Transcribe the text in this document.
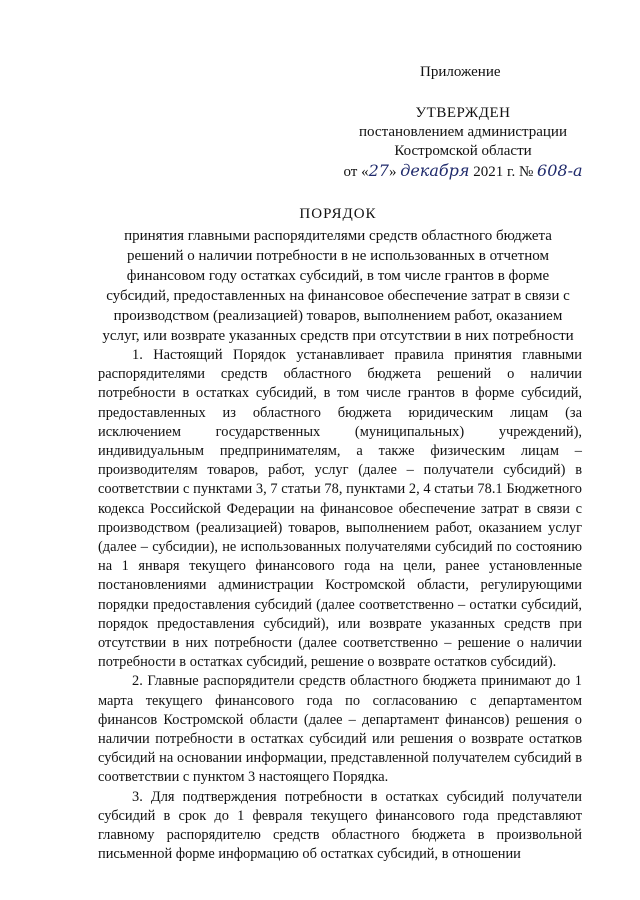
Приложение
УТВЕРЖДЕН
постановлением администрации
Костромской области
от «27» декабря 2021 г. № 608-а
ПОРЯДОК
принятия главными распорядителями средств областного бюджета
решений о наличии потребности в не использованных в отчетном
финансовом году остатках субсидий, в том числе грантов в форме
субсидий, предоставленных на финансовое обеспечение затрат в связи с
производством (реализацией) товаров, выполнением работ, оказанием
услуг, или возврате указанных средств при отсутствии в них потребности

1. Настоящий Порядок устанавливает правила принятия главными распорядителями средств областного бюджета решений о наличии потребности в остатках субсидий, в том числе грантов в форме субсидий, предоставленных из областного бюджета юридическим лицам (за исключением государственных (муниципальных) учреждений), индивидуальным предпринимателям, а также физическим лицам – производителям товаров, работ, услуг (далее – получатели субсидий) в соответствии с пунктами 3, 7 статьи 78, пунктами 2, 4 статьи 78.1 Бюджетного кодекса Российской Федерации на финансовое обеспечение затрат в связи с производством (реализацией) товаров, выполнением работ, оказанием услуг (далее – субсидии), не использованных получателями субсидий по состоянию на 1 января текущего финансового года на цели, ранее установленные постановлениями администрации Костромской области, регулирующими порядки предоставления субсидий (далее соответственно – остатки субсидий, порядок предоставления субсидий), или возврате указанных средств при отсутствии в них потребности (далее соответственно – решение о наличии потребности в остатках субсидий, решение о возврате остатков субсидий).

2. Главные распорядители средств областного бюджета принимают до 1 марта текущего финансового года по согласованию с департаментом финансов Костромской области (далее – департамент финансов) решения о наличии потребности в остатках субсидий или решения о возврате остатков субсидий на основании информации, представленной получателем субсидий в соответствии с пунктом 3 настоящего Порядка.

3. Для подтверждения потребности в остатках субсидий получатели субсидий в срок до 1 февраля текущего финансового года представляют главному распорядителю средств областного бюджета в произвольной письменной форме информацию об остатках субсидий, в отношении
